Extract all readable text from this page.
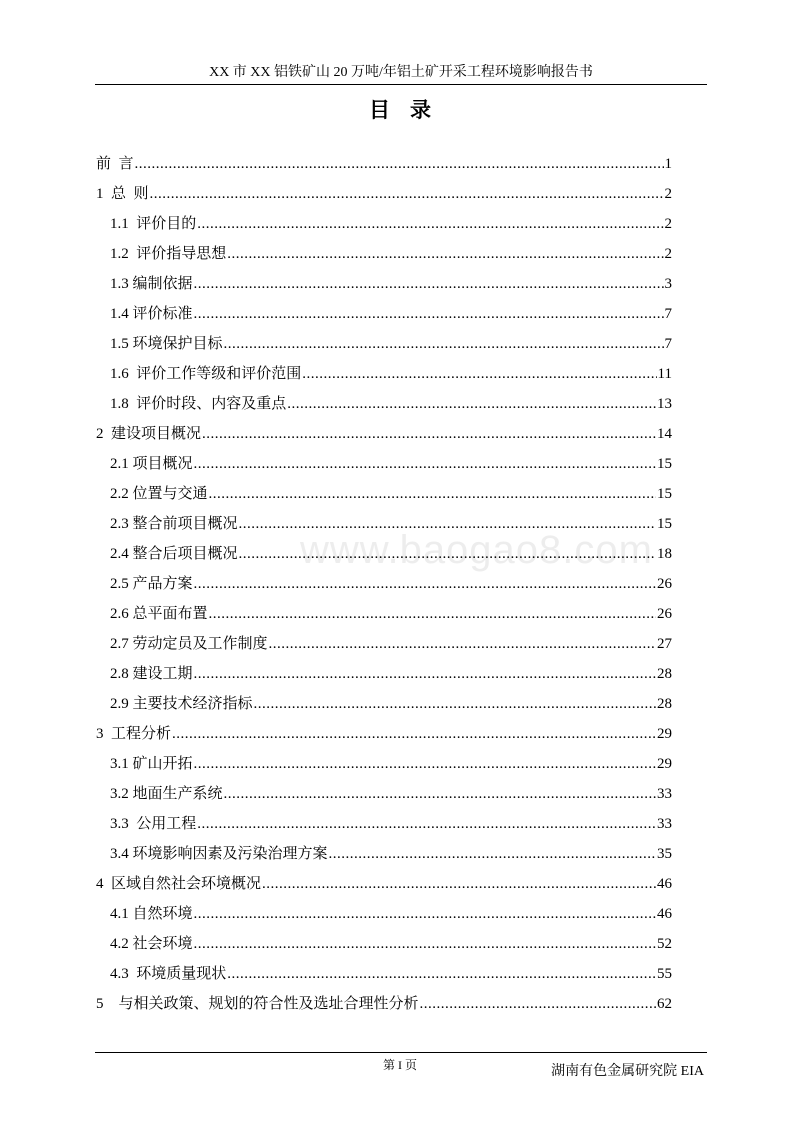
XX 市 XX 铝铁矿山 20 万吨/年铝土矿开采工程环境影响报告书
目录
前  言 .....	1
1  总  则 .....	2
1.1  评价目的 .....	2
1.2  评价指导思想 .....	2
1.3 编制依据 .....	3
1.4 评价标准 .....	7
1.5 环境保护目标 .....	7
1.6  评价工作等级和评价范围 .....	11
1.8  评价时段、内容及重点 .....	13
2  建设项目概况 .....	14
2.1 项目概况 .....	15
2.2 位置与交通 .....	15
2.3 整合前项目概况 .....	15
2.4 整合后项目概况 .....	18
2.5 产品方案 .....	26
2.6 总平面布置 .....	26
2.7 劳动定员及工作制度 .....	27
2.8 建设工期 .....	28
2.9 主要技术经济指标 .....	28
3  工程分析 .....	29
3.1 矿山开拓 .....	29
3.2 地面生产系统 .....	33
3.3  公用工程 .....	33
3.4 环境影响因素及污染治理方案 .....	35
4  区域自然社会环境概况 .....	46
4.1 自然环境 .....	46
4.2 社会环境 .....	52
4.3  环境质量现状 .....	55
5    与相关政策、规划的符合性及选址合理性分析 .....	62
www.baogao8.com
第 I 页	湖南有色金属研究院 EIA
